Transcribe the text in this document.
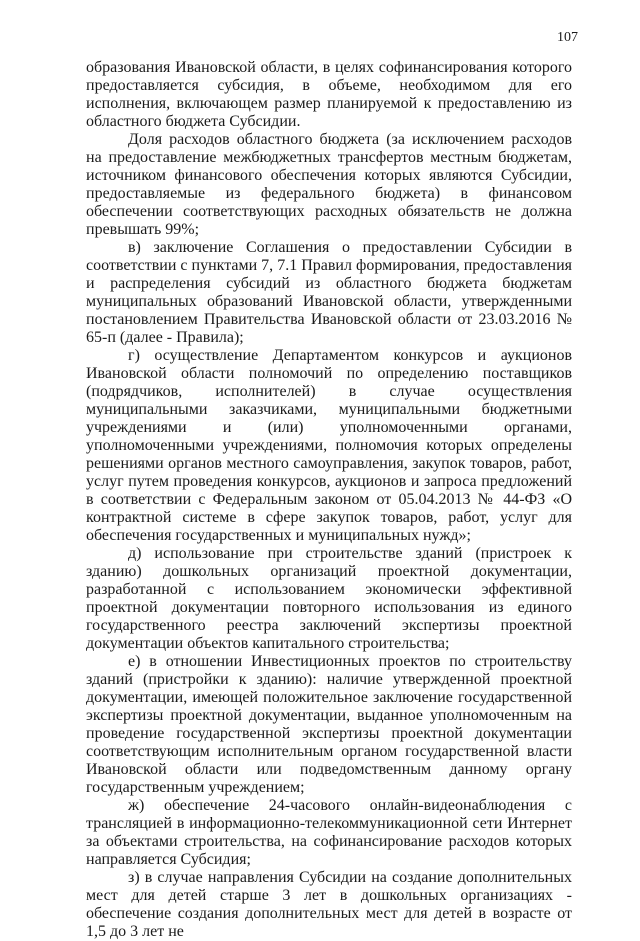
107

образования Ивановской области, в целях софинансирования которого предоставляется субсидия, в объеме, необходимом для его исполнения, включающем размер планируемой к предоставлению из областного бюджета Субсидии.

Доля расходов областного бюджета (за исключением расходов на предоставление межбюджетных трансфертов местным бюджетам, источником финансового обеспечения которых являются Субсидии, предоставляемые из федерального бюджета) в финансовом обеспечении соответствующих расходных обязательств не должна превышать 99%;

в) заключение Соглашения о предоставлении Субсидии в соответствии с пунктами 7, 7.1 Правил формирования, предоставления и распределения субсидий из областного бюджета бюджетам муниципальных образований Ивановской области, утвержденными постановлением Правительства Ивановской области от 23.03.2016 № 65-п (далее - Правила);

г) осуществление Департаментом конкурсов и аукционов Ивановской области полномочий по определению поставщиков (подрядчиков, исполнителей) в случае осуществления муниципальными заказчиками, муниципальными бюджетными учреждениями и (или) уполномоченными органами, уполномоченными учреждениями, полномочия которых определены решениями органов местного самоуправления, закупок товаров, работ, услуг путем проведения конкурсов, аукционов и запроса предложений в соответствии с Федеральным законом от 05.04.2013 № 44-ФЗ «О контрактной системе в сфере закупок товаров, работ, услуг для обеспечения государственных и муниципальных нужд»;

д) использование при строительстве зданий (пристроек к зданию) дошкольных организаций проектной документации, разработанной с использованием экономически эффективной проектной документации повторного использования из единого государственного реестра заключений экспертизы проектной документации объектов капитального строительства;

е) в отношении Инвестиционных проектов по строительству зданий (пристройки к зданию): наличие утвержденной проектной документации, имеющей положительное заключение государственной экспертизы проектной документации, выданное уполномоченным на проведение государственной экспертизы проектной документации соответствующим исполнительным органом государственной власти Ивановской области или подведомственным данному органу государственным учреждением;

ж) обеспечение 24-часового онлайн-видеонаблюдения с трансляцией в информационно-телекоммуникационной сети Интернет за объектами строительства, на софинансирование расходов которых направляется Субсидия;

з) в случае направления Субсидии на создание дополнительных мест для детей старше 3 лет в дошкольных организациях - обеспечение создания дополнительных мест для детей в возрасте от 1,5 до 3 лет не
